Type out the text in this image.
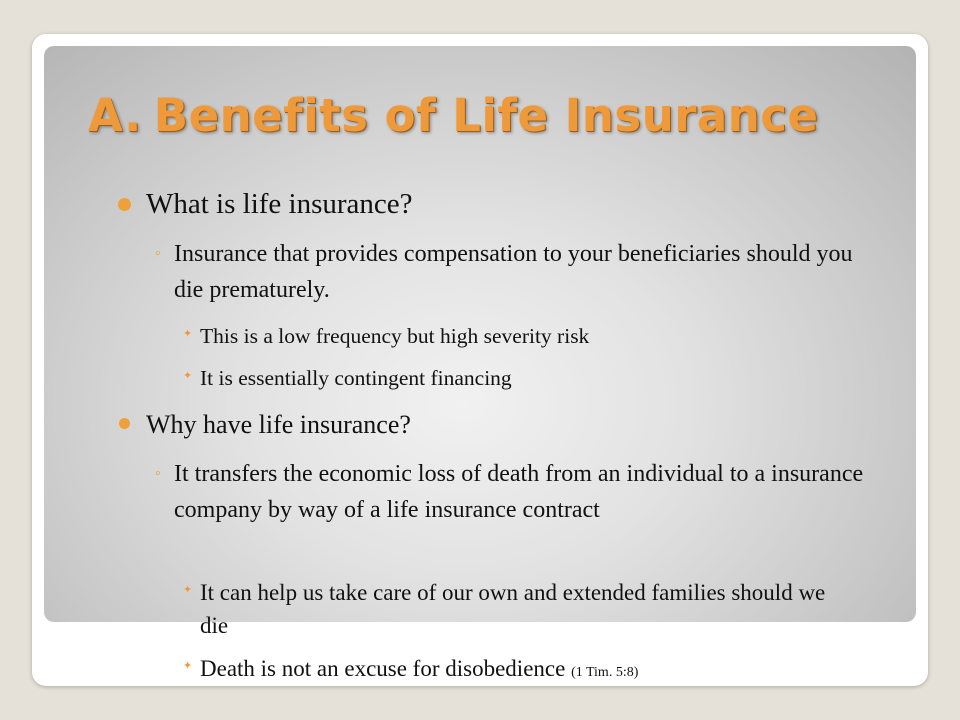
A. Benefits of Life Insurance
What is life insurance?
◦ Insurance that provides compensation to your beneficiaries should you die prematurely.
✦ This is a low frequency but high severity risk
✦ It is essentially contingent financing
Why have life insurance?
◦ It transfers the economic loss of death from an individual to a insurance company by way of a life insurance contract
✦ It can help us take care of our own and extended families should we die
✦ Death is not an excuse for disobedience (1 Tim. 5:8)
